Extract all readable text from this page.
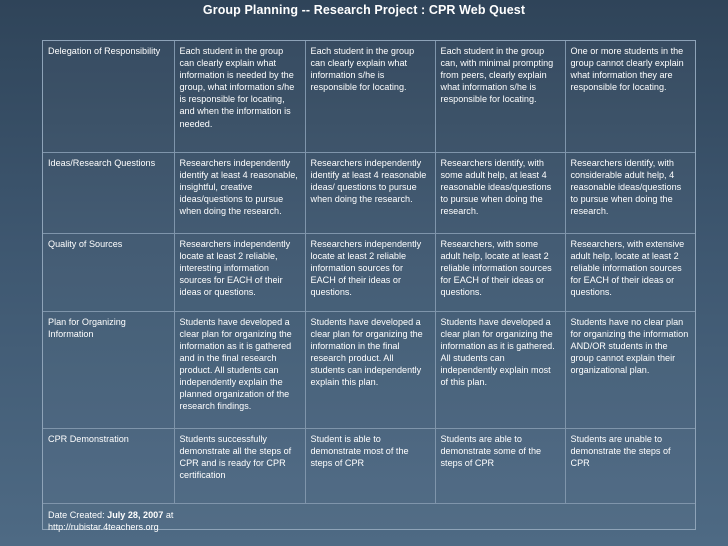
Group Planning -- Research Project : CPR Web Quest
Delegation of Responsibility	Each student in the group can clearly explain what information is needed by the group, what information s/he is responsible for locating, and when the information is needed.	Each student in the group can clearly explain what information s/he is responsible for locating.	Each student in the group can, with minimal prompting from peers, clearly explain what information s/he is responsible for locating.	One or more students in the group cannot clearly explain what information they are responsible for locating.
Ideas/Research Questions	Researchers independently identify at least 4 reasonable, insightful, creative ideas/questions to pursue when doing the research.	Researchers independently identify at least 4 reasonable ideas/ questions to pursue when doing the research.	Researchers identify, with some adult help, at least 4 reasonable ideas/questions to pursue when doing the research.	Researchers identify, with considerable adult help, 4 reasonable ideas/questions to pursue when doing the research.
Quality of Sources	Researchers independently locate at least 2 reliable, interesting information sources for EACH of their ideas or questions.	Researchers independently locate at least 2 reliable information sources for EACH of their ideas or questions.	Researchers, with some adult help, locate at least 2 reliable information sources for EACH of their ideas or questions.	Researchers, with extensive adult help, locate at least 2 reliable information sources for EACH of their ideas or questions.
Plan for Organizing Information	Students have developed a clear plan for organizing the information as it is gathered and in the final research product. All students can independently explain the planned organization of the research findings.	Students have developed a clear plan for organizing the information in the final research product. All students can independently explain this plan.	Students have developed a clear plan for organizing the information as it is gathered. All students can independently explain most of this plan.	Students have no clear plan for organizing the information AND/OR students in the group cannot explain their organizational plan.
CPR Demonstration	Students successfully demonstrate all the steps of CPR and is ready for CPR certification	Student is able to demonstrate most of the steps of CPR	Students are able to demonstrate some of the steps of CPR	Students are unable to demonstrate the steps of CPR
Date Created: July 28, 2007 at
http://rubistar.4teachers.org				
